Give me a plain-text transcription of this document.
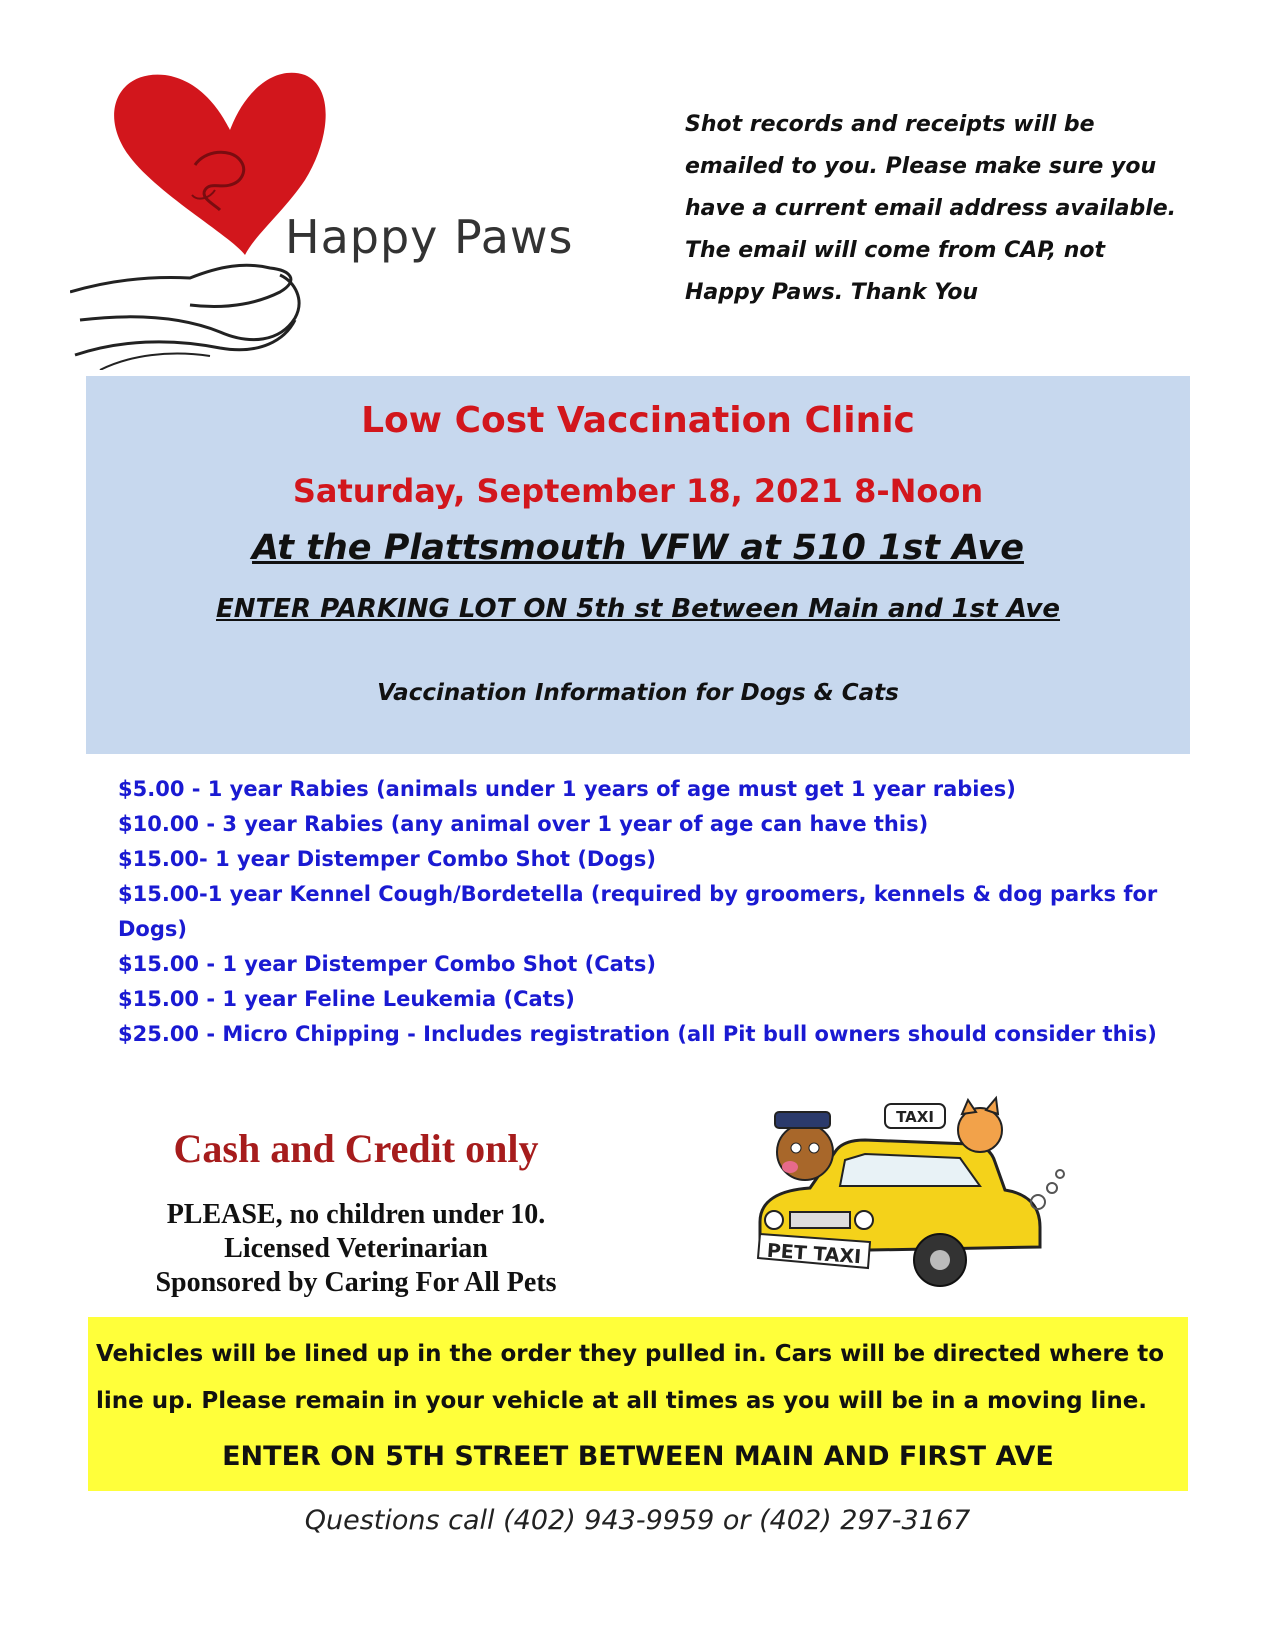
Happy Paws
Shot records and receipts will be
emailed to you. Please make sure you
have a current email address available.
The email will come from CAP, not
Happy Paws. Thank You
Low Cost Vaccination Clinic
Saturday, September 18, 2021 8-Noon
At the Plattsmouth VFW at 510 1st Ave
ENTER PARKING LOT ON 5th st Between Main and 1st Ave
Vaccination Information for Dogs & Cats
$5.00 - 1 year Rabies (animals under 1 years of age must get 1 year rabies)
$10.00 - 3 year Rabies (any animal over 1 year of age can have this)
$15.00- 1 year Distemper Combo Shot (Dogs)
$15.00-1 year Kennel Cough/Bordetella (required by groomers, kennels & dog parks for Dogs)
$15.00 - 1 year Distemper Combo Shot (Cats)
$15.00 - 1 year Feline Leukemia (Cats)
$25.00 - Micro Chipping - Includes registration (all Pit bull owners should consider this)
Cash and Credit only
PLEASE, no children under 10.
Licensed Veterinarian
Sponsored by Caring For All Pets
TAXI
PET TAXI
Vehicles will be lined up in the order they pulled in. Cars will be directed where to line up. Please remain in your vehicle at all times as you will be in a moving line.
ENTER ON 5TH STREET BETWEEN MAIN AND FIRST AVE
Questions call (402) 943-9959 or (402) 297-3167
